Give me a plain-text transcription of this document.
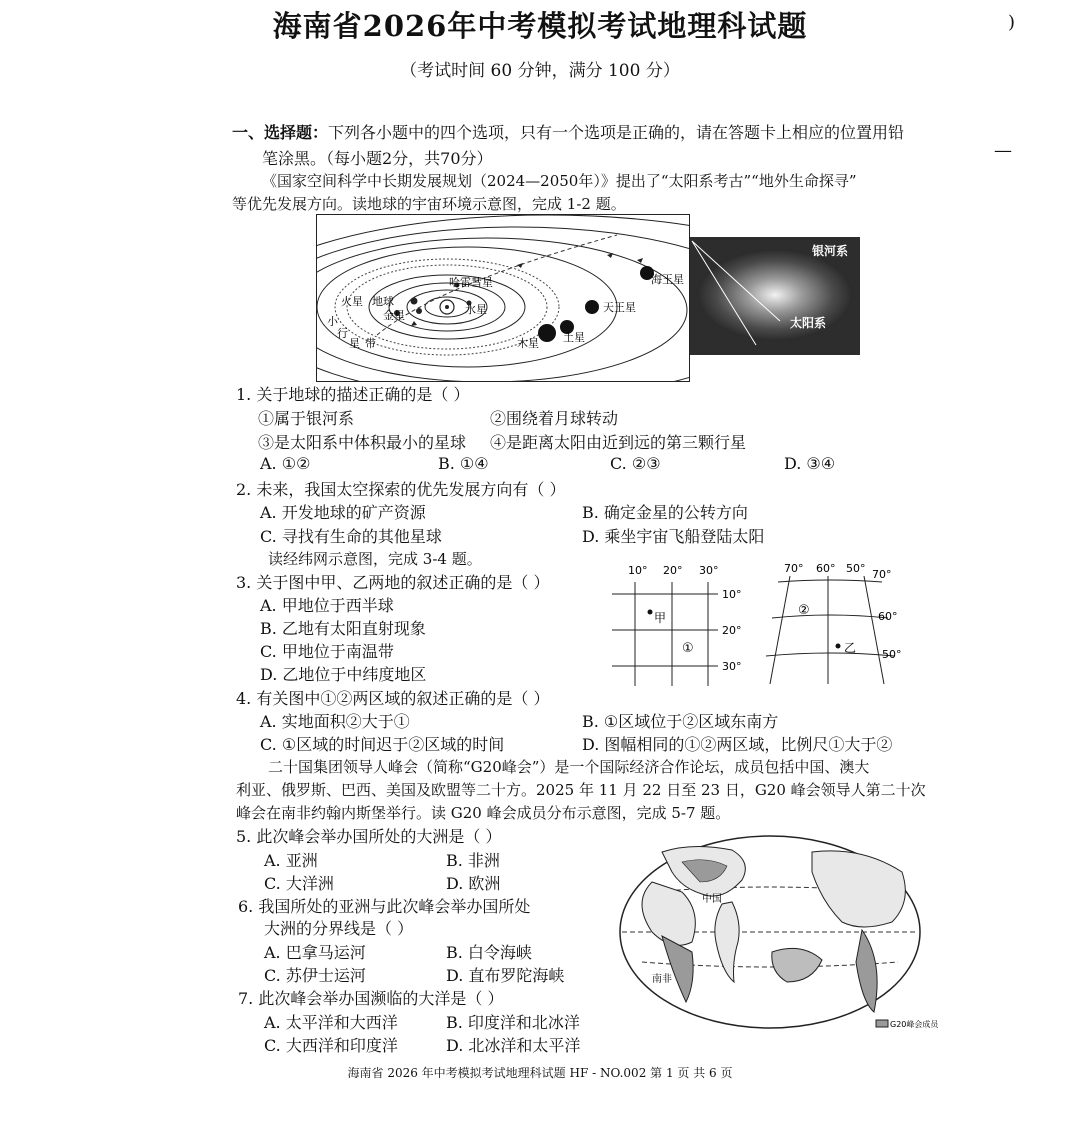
海南省2026年中考模拟考试地理科试题
（考试时间 60 分钟，满分 100 分）
)
—
一、选择题：下列各小题中的四个选项，只有一个选项是正确的，请在答题卡上相应的位置用铅
笔涂黑。（每小题2分，共70分）
《国家空间科学中长期发展规划（2024—2050年）》提出了“太阳系考古”“地外生命探寻”
等优先发展方向。读地球的宇宙环境示意图，完成 1-2 题。
哈雷彗星
火星 地球
金星	水星
小
行
星 带	木星 土星
天王星
海王星
银河系
太阳系
1. 关于地球的描述正确的是（ ）
①属于银河系	②围绕着月球转动
③是太阳系中体积最小的星球 ④是距离太阳由近到远的第三颗行星
A. ①②	B. ①④	C. ②③	D. ③④
2. 未来，我国太空探索的优先发展方向有（ ）
A. 开发地球的矿产资源	B. 确定金星的公转方向
C. 寻找有生命的其他星球	D. 乘坐宇宙飞船登陆太阳
读经纬网示意图，完成 3-4 题。
3. 关于图中甲、乙两地的叙述正确的是（ ）
A. 甲地位于西半球
B. 乙地有太阳直射现象
C. 甲地位于南温带
D. 乙地位于中纬度地区
10° 20° 30°
10°
20°
30°
甲
①
70° 60° 50° 70°
60°
50°
②
乙
4. 有关图中①②两区域的叙述正确的是（ ）
A. 实地面积②大于①	B. ①区域位于②区域东南方
C. ①区域的时间迟于②区域的时间	D. 图幅相同的①②两区域，比例尺①大于②
二十国集团领导人峰会（简称“G20峰会”）是一个国际经济合作论坛，成员包括中国、澳大
利亚、俄罗斯、巴西、美国及欧盟等二十方。2025 年 11 月 22 日至 23 日，G20 峰会领导人第二十次
峰会在南非约翰内斯堡举行。读 G20 峰会成员分布示意图，完成 5-7 题。
5. 此次峰会举办国所处的大洲是（ ）
A. 亚洲	B. 非洲
C. 大洋洲	D. 欧洲
6. 我国所处的亚洲与此次峰会举办国所处
大洲的分界线是（ ）
A. 巴拿马运河	B. 白令海峡
C. 苏伊士运河	D. 直布罗陀海峡
7. 此次峰会举办国濒临的大洋是（ ）
A. 太平洋和大西洋	B. 印度洋和北冰洋
C. 大西洋和印度洋	D. 北冰洋和太平洋
中国
南非
G20峰会成员
海南省 2026 年中考模拟考试地理科试题 HF - NO.002 第 1 页 共 6 页
